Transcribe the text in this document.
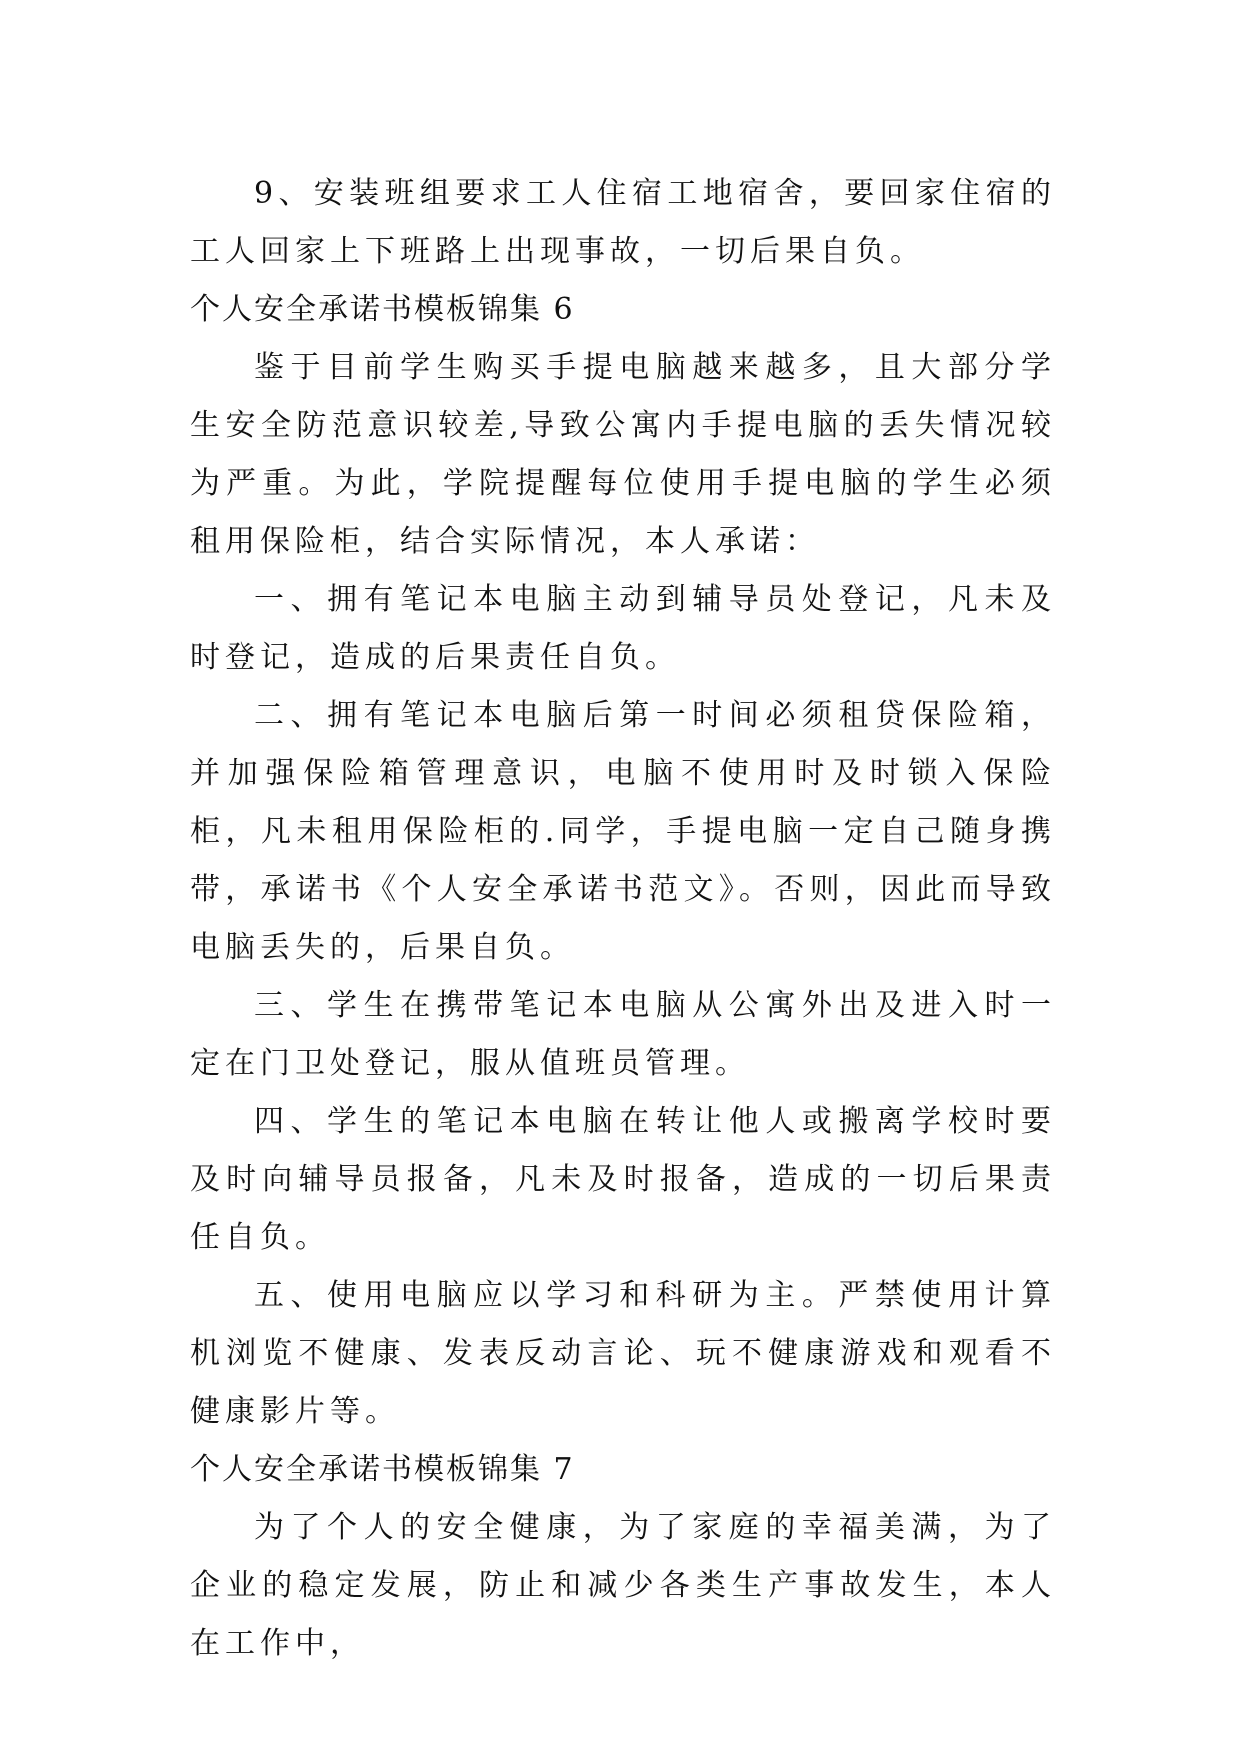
9、安装班组要求工人住宿工地宿舍，要回家住宿的工人回家上下班路上出现事故，一切后果自负。

个人安全承诺书模板锦集 6

鉴于目前学生购买手提电脑越来越多，且大部分学生安全防范意识较差,导致公寓内手提电脑的丢失情况较为严重。为此，学院提醒每位使用手提电脑的学生必须租用保险柜，结合实际情况，本人承诺：

一、拥有笔记本电脑主动到辅导员处登记，凡未及时登记，造成的后果责任自负。

二、拥有笔记本电脑后第一时间必须租贷保险箱，并加强保险箱管理意识，电脑不使用时及时锁入保险柜，凡未租用保险柜的.同学，手提电脑一定自己随身携带，承诺书《个人安全承诺书范文》。否则，因此而导致电脑丢失的，后果自负。

三、学生在携带笔记本电脑从公寓外出及进入时一定在门卫处登记，服从值班员管理。

四、学生的笔记本电脑在转让他人或搬离学校时要及时向辅导员报备，凡未及时报备，造成的一切后果责任自负。

五、使用电脑应以学习和科研为主。严禁使用计算机浏览不健康、发表反动言论、玩不健康游戏和观看不健康影片等。

个人安全承诺书模板锦集 7

为了个人的安全健康，为了家庭的幸福美满，为了企业的稳定发展，防止和减少各类生产事故发生，本人在工作中，
